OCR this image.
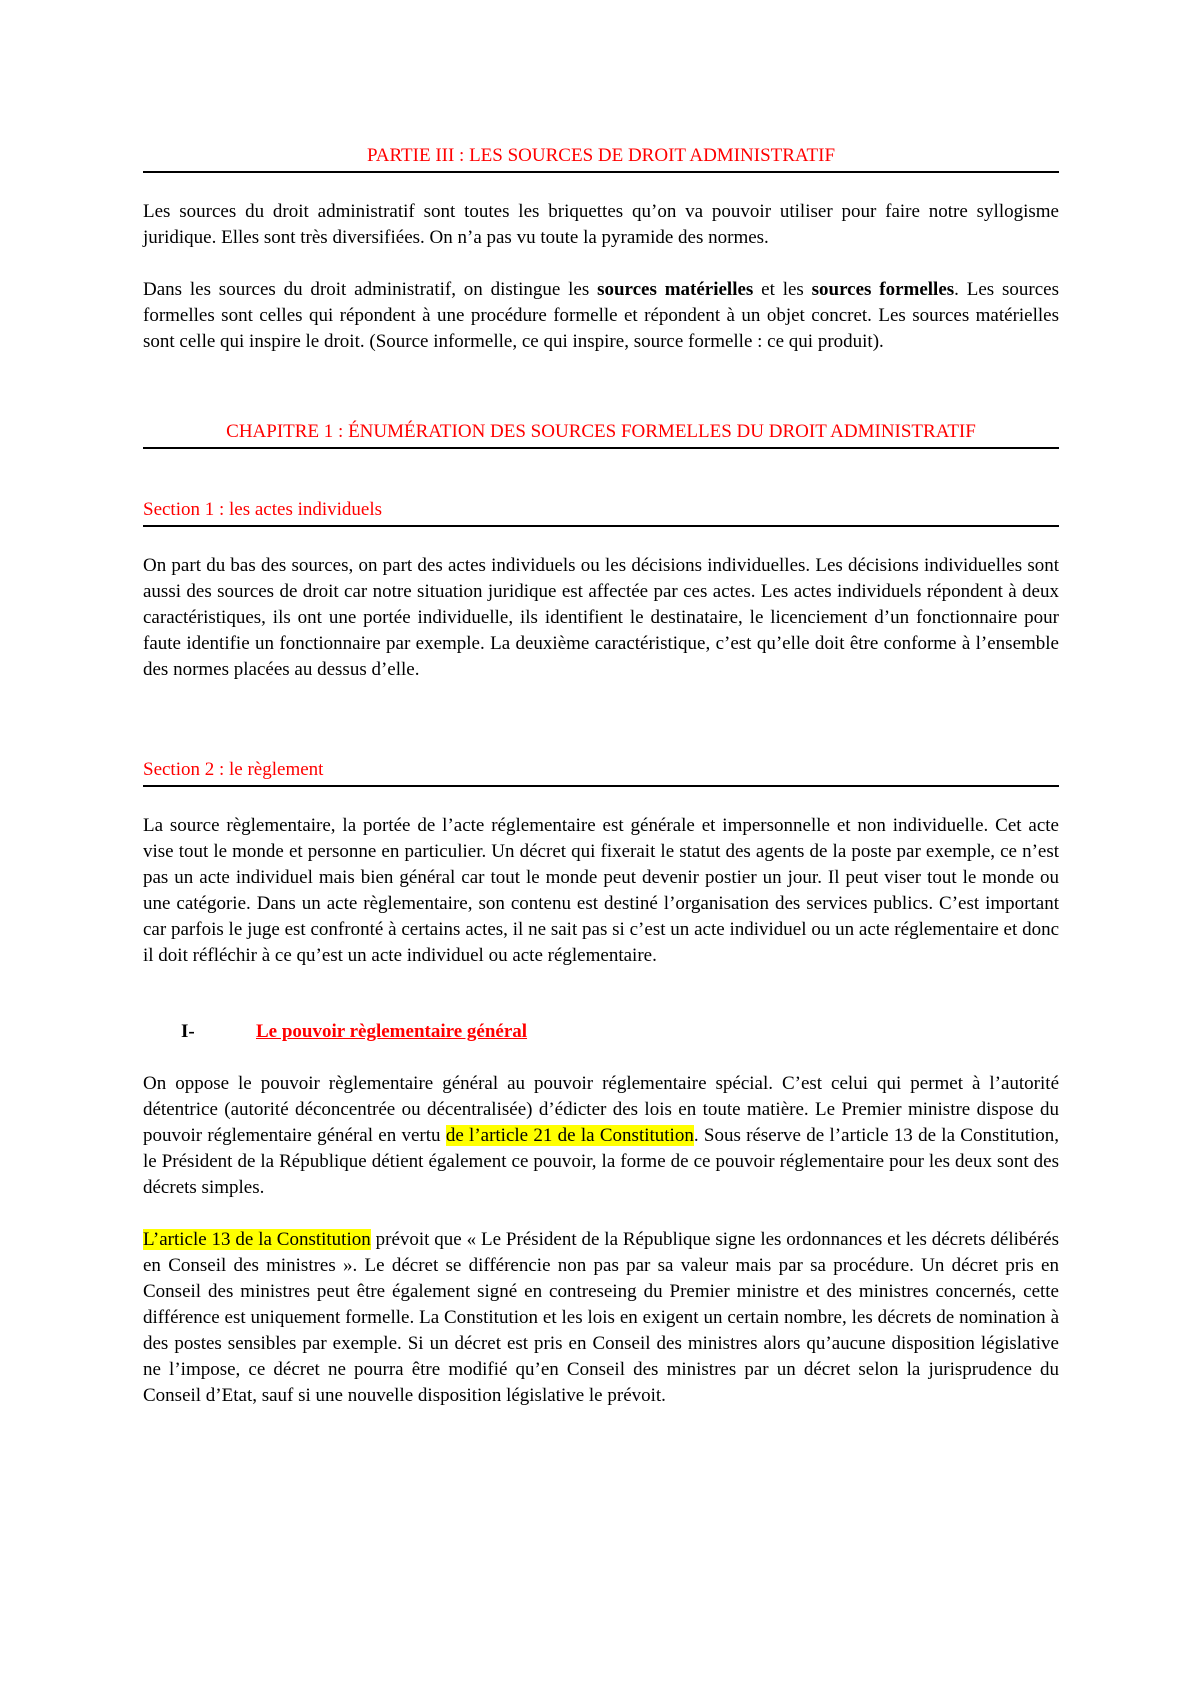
PARTIE III : LES SOURCES DE DROIT ADMINISTRATIF

Les sources du droit administratif sont toutes les briquettes qu’on va pouvoir utiliser pour faire notre syllogisme juridique. Elles sont très diversifiées. On n’a pas vu toute la pyramide des normes.

Dans les sources du droit administratif, on distingue les sources matérielles et les sources formelles. Les sources formelles sont celles qui répondent à une procédure formelle et répondent à un objet concret. Les sources matérielles sont celle qui inspire le droit. (Source informelle, ce qui inspire, source formelle : ce qui produit).

CHAPITRE 1 : ÉNUMÉRATION DES SOURCES FORMELLES DU DROIT ADMINISTRATIF
Section 1 : les actes individuels

On part du bas des sources, on part des actes individuels ou les décisions individuelles. Les décisions individuelles sont aussi des sources de droit car notre situation juridique est affectée par ces actes. Les actes individuels répondent à deux caractéristiques, ils ont une portée individuelle, ils identifient le destinataire, le licenciement d’un fonctionnaire pour faute identifie un fonctionnaire par exemple. La deuxième caractéristique, c’est qu’elle doit être conforme à l’ensemble des normes placées au dessus d’elle.

Section 2 : le règlement

La source règlementaire, la portée de l’acte réglementaire est générale et impersonnelle et non individuelle. Cet acte vise tout le monde et personne en particulier. Un décret qui fixerait le statut des agents de la poste par exemple, ce n’est pas un acte individuel mais bien général car tout le monde peut devenir postier un jour. Il peut viser tout le monde ou une catégorie. Dans un acte règlementaire, son contenu est destiné l’organisation des services publics. C’est important car parfois le juge est confronté à certains actes, il ne sait pas si c’est un acte individuel ou un acte réglementaire et donc il doit réfléchir à ce qu’est un acte individuel ou acte réglementaire.

I-	Le pouvoir règlementaire général

On oppose le pouvoir règlementaire général au pouvoir réglementaire spécial. C’est celui qui permet à l’autorité détentrice (autorité déconcentrée ou décentralisée) d’édicter des lois en toute matière. Le Premier ministre dispose du pouvoir réglementaire général en vertu de l’article 21 de la Constitution. Sous réserve de l’article 13 de la Constitution, le Président de la République détient également ce pouvoir, la forme de ce pouvoir réglementaire pour les deux sont des décrets simples.

L’article 13 de la Constitution prévoit que « Le Président de la République signe les ordonnances et les décrets délibérés en Conseil des ministres ». Le décret se différencie non pas par sa valeur mais par sa procédure. Un décret pris en Conseil des ministres peut être également signé en contreseing du Premier ministre et des ministres concernés, cette différence est uniquement formelle. La Constitution et les lois en exigent un certain nombre, les décrets de nomination à des postes sensibles par exemple. Si un décret est pris en Conseil des ministres alors qu’aucune disposition législative ne l’impose, ce décret ne pourra être modifié qu’en Conseil des ministres par un décret selon la jurisprudence du Conseil d’Etat, sauf si une nouvelle disposition législative le prévoit.
